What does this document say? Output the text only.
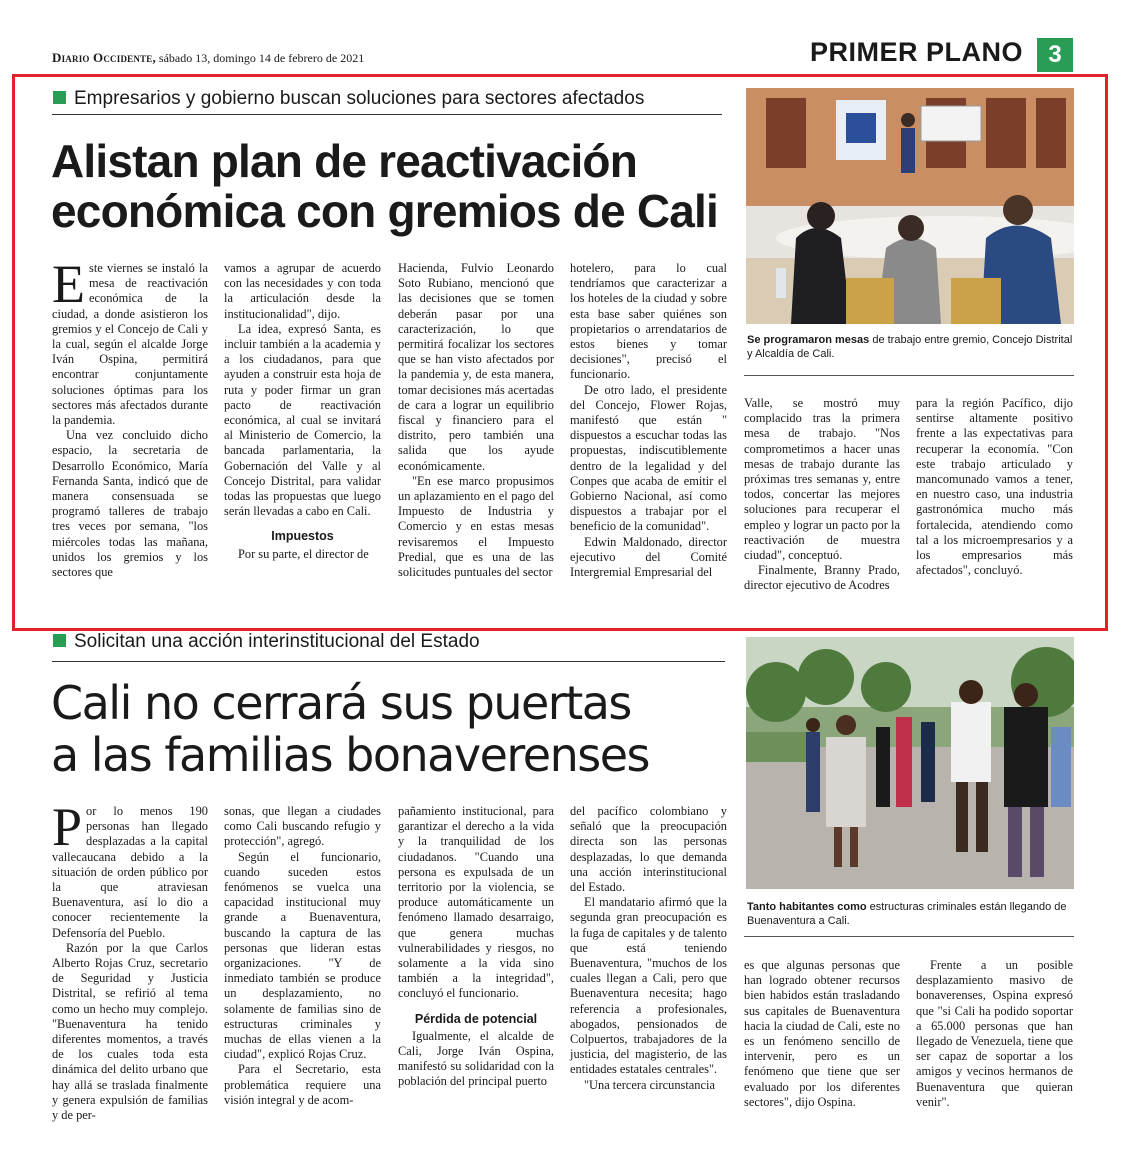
Diario Occidente, sábado 13, domingo 14 de febrero de 2021	PRIMER PLANO	3
Empresarios y gobierno buscan soluciones para sectores afectados
Alistan plan de reactivación
económica con gremios de Cali
Se programaron mesas de trabajo entre gremio, Concejo Distrital y Alcaldía de Cali.

Este viernes se instaló la mesa de reactivación económica de la ciudad, a donde asistieron los gremios y el Concejo de Cali y la cual, según el alcalde Jorge Iván Ospina, permitirá encontrar conjuntamente soluciones óptimas para los sectores más afectados durante la pandemia.

Una vez concluido dicho espacio, la secretaria de Desarrollo Económico, María Fernanda Santa, indicó que de manera consensuada se programó talleres de trabajo tres veces por semana, "los miércoles todas las mañana, unidos los gremios y los sectores que

vamos a agrupar de acuerdo con las necesidades y con toda la articulación desde la institucionalidad", dijo.

La idea, expresó Santa, es incluir también a la academia y a los ciudadanos, para que ayuden a construir esta hoja de ruta y poder firmar un gran pacto de reactivación económica, al cual se invitará al Ministerio de Comercio, la bancada parlamentaria, la Gobernación del Valle y al Concejo Distrital, para validar todas las propuestas que luego serán llevadas a cabo en Cali.

Impuestos

Por su parte, el director de

Hacienda, Fulvio Leonardo Soto Rubiano, mencionó que las decisiones que se tomen deberán pasar por una caracterización, lo que permitirá focalizar los sectores que se han visto afectados por la pandemia y, de esta manera, tomar decisiones más acertadas de cara a lograr un equilibrio fiscal y financiero para el distrito, pero también una salida que los ayude económicamente.

"En ese marco propusimos un aplazamiento en el pago del Impuesto de Industria y Comercio y en estas mesas revisaremos el Impuesto Predial, que es una de las solicitudes puntuales del sector

hotelero, para lo cual tendríamos que caracterizar a los hoteles de la ciudad y sobre esta base saber quiénes son propietarios o arrendatarios de estos bienes y tomar decisiones", precisó el funcionario.

De otro lado, el presidente del Concejo, Flower Rojas, manifestó que están " dispuestos a escuchar todas las propuestas, indiscutiblemente dentro de la legalidad y del Conpes que acaba de emitir el Gobierno Nacional, así como dispuestos a trabajar por el beneficio de la comunidad".

Edwin Maldonado, director ejecutivo del Comité Intergremial Empresarial del

Valle, se mostró muy complacido tras la primera mesa de trabajo. "Nos comprometimos a hacer unas mesas de trabajo durante las próximas tres semanas y, entre todos, concertar las mejores soluciones para recuperar el empleo y lograr un pacto por la reactivación de muestra ciudad", conceptuó.

Finalmente, Branny Prado, director ejecutivo de Acodres

para la región Pacífico, dijo sentirse altamente positivo frente a las expectativas para recuperar la economía. "Con este trabajo articulado y mancomunado vamos a tener, en nuestro caso, una industria gastronómica mucho más fortalecida, atendiendo como tal a los microempresarios y a los empresarios más afectados", concluyó.

Solicitan una acción interinstitucional del Estado
Cali no cerrará sus puertas
a las familias bonaverenses
Tanto habitantes como estructuras criminales están llegando de Buenaventura a Cali.

Por lo menos 190 personas han llegado desplazadas a la capital vallecaucana debido a la situación de orden público por la que atraviesan Buenaventura, así lo dio a conocer recientemente la Defensoría del Pueblo.

Razón por la que Carlos Alberto Rojas Cruz, secretario de Seguridad y Justicia Distrital, se refirió al tema como un hecho muy complejo. "Buenaventura ha tenido diferentes momentos, a través de los cuales toda esta dinámica del delito urbano que hay allá se traslada finalmente y genera expulsión de familias y de per-

sonas, que llegan a ciudades como Cali buscando refugio y protección", agregó.

Según el funcionario, cuando suceden estos fenómenos se vuelca una capacidad institucional muy grande a Buenaventura, buscando la captura de las personas que lideran estas organizaciones. "Y de inmediato también se produce un desplazamiento, no solamente de familias sino de estructuras criminales y muchas de ellas vienen a la ciudad", explicó Rojas Cruz.

Para el Secretario, esta problemática requiere una visión integral y de acom-

pañamiento institucional, para garantizar el derecho a la vida y la tranquilidad de los ciudadanos. "Cuando una persona es expulsada de un territorio por la violencia, se produce automáticamente un fenómeno llamado desarraigo, que genera muchas vulnerabilidades y riesgos, no solamente a la vida sino también a la integridad", concluyó el funcionario.

Pérdida de potencial

Igualmente, el alcalde de Cali, Jorge Iván Ospina, manifestó su solidaridad con la población del principal puerto

del pacífico colombiano y señaló que la preocupación directa son las personas desplazadas, lo que demanda una acción interinstitucional del Estado.

El mandatario afirmó que la segunda gran preocupación es la fuga de capitales y de talento que está teniendo Buenaventura, "muchos de los cuales llegan a Cali, pero que Buenaventura necesita; hago referencia a profesionales, abogados, pensionados de Colpuertos, trabajadores de la justicia, del magisterio, de las entidades estatales centrales".

"Una tercera circunstancia

es que algunas personas que han logrado obtener recursos bien habidos están trasladando sus capitales de Buenaventura hacia la ciudad de Cali, este no es un fenómeno sencillo de intervenir, pero es un fenómeno que tiene que ser evaluado por los diferentes sectores", dijo Ospina.

Frente a un posible desplazamiento masivo de bonaverenses, Ospina expresó que "si Cali ha podido soportar a 65.000 personas que han llegado de Venezuela, tiene que ser capaz de soportar a los amigos y vecinos hermanos de Buenaventura que quieran venir".
